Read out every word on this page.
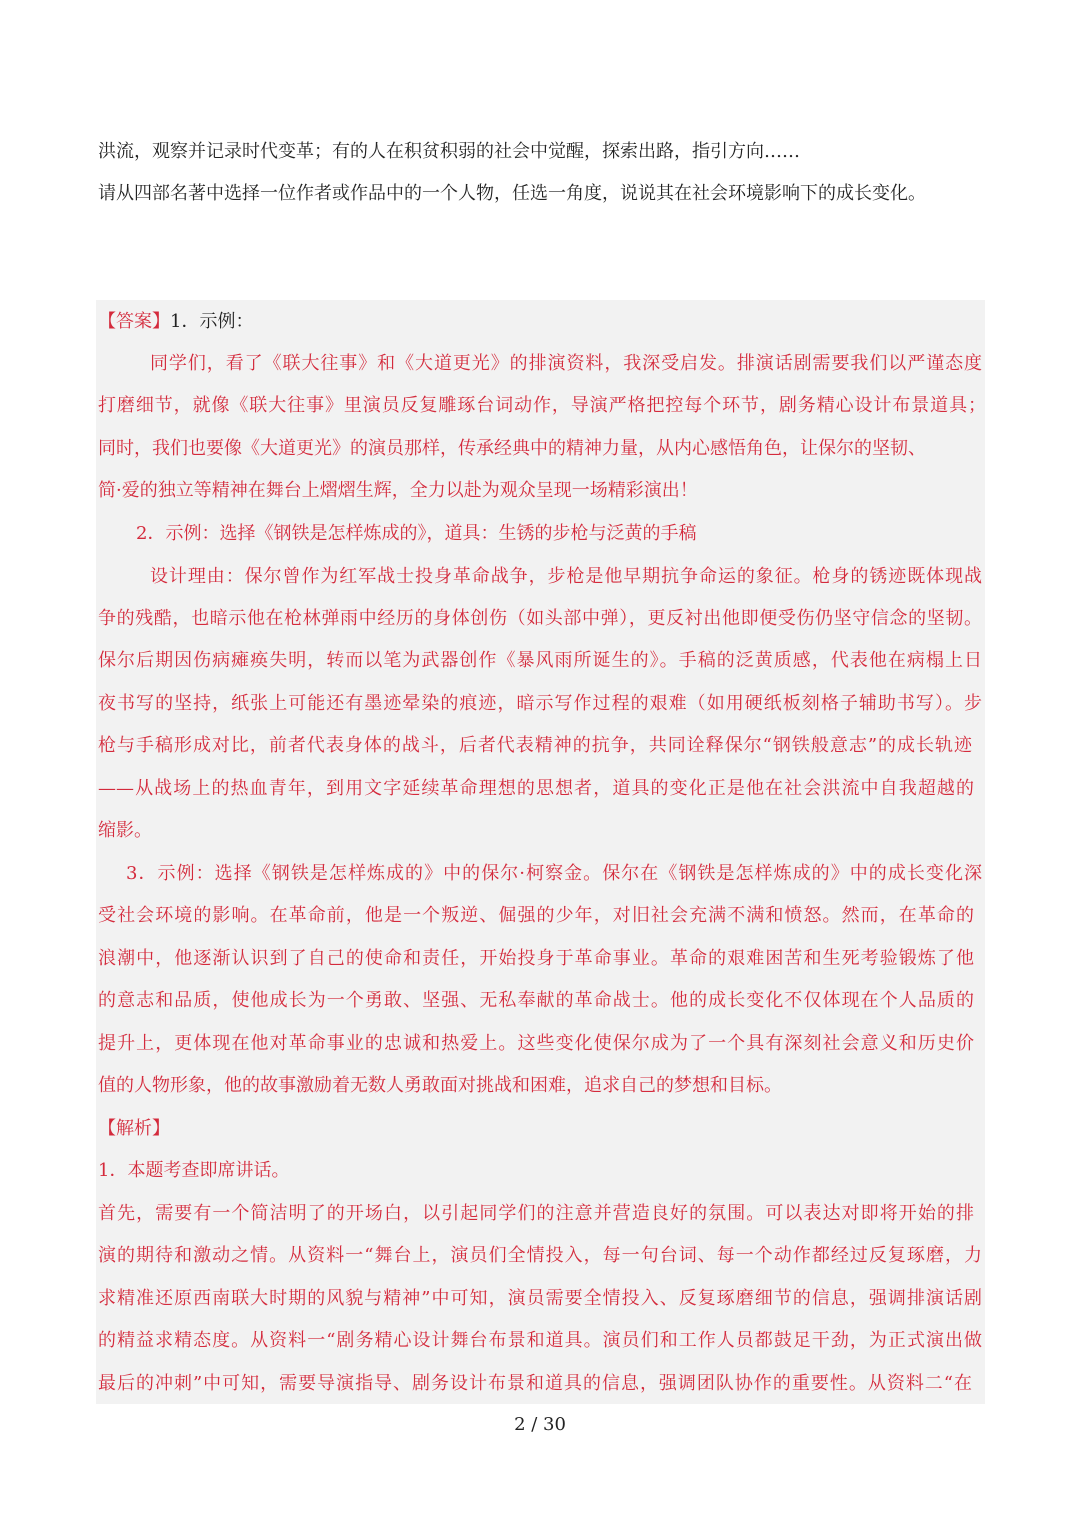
洪流，观察并记录时代变革；有的人在积贫积弱的社会中觉醒，探索出路，指引方向……
请从四部名著中选择一位作者或作品中的一个人物，任选一角度，说说其在社会环境影响下的成长变化。
【答案】1．示例：
同学们，看了《联大往事》和《大道更光》的排演资料，我深受启发。排演话剧需要我们以严谨态度
打磨细节，就像《联大往事》里演员反复雕琢台词动作，导演严格把控每个环节，剧务精心设计布景道具；
同时，我们也要像《大道更光》的演员那样，传承经典中的精神力量，从内心感悟角色，让保尔的坚韧、
简·爱的独立等精神在舞台上熠熠生辉，全力以赴为观众呈现一场精彩演出！
2．示例：选择《钢铁是怎样炼成的》，道具：生锈的步枪与泛黄的手稿
设计理由：保尔曾作为红军战士投身革命战争，步枪是他早期抗争命运的象征。枪身的锈迹既体现战
争的残酷，也暗示他在枪林弹雨中经历的身体创伤（如头部中弹），更反衬出他即便受伤仍坚守信念的坚韧。
保尔后期因伤病瘫痪失明，转而以笔为武器创作《暴风雨所诞生的》。手稿的泛黄质感，代表他在病榻上日
夜书写的坚持，纸张上可能还有墨迹晕染的痕迹，暗示写作过程的艰难（如用硬纸板刻格子辅助书写）。步
枪与手稿形成对比，前者代表身体的战斗，后者代表精神的抗争，共同诠释保尔“钢铁般意志”的成长轨迹
——从战场上的热血青年，到用文字延续革命理想的思想者，道具的变化正是他在社会洪流中自我超越的
缩影。
3．示例：选择《钢铁是怎样炼成的》中的保尔·柯察金。保尔在《钢铁是怎样炼成的》中的成长变化深
受社会环境的影响。在革命前，他是一个叛逆、倔强的少年，对旧社会充满不满和愤怒。然而，在革命的
浪潮中，他逐渐认识到了自己的使命和责任，开始投身于革命事业。革命的艰难困苦和生死考验锻炼了他
的意志和品质，使他成长为一个勇敢、坚强、无私奉献的革命战士。他的成长变化不仅体现在个人品质的
提升上，更体现在他对革命事业的忠诚和热爱上。这些变化使保尔成为了一个具有深刻社会意义和历史价
值的人物形象，他的故事激励着无数人勇敢面对挑战和困难，追求自己的梦想和目标。
【解析】
1．本题考查即席讲话。
首先，需要有一个简洁明了的开场白，以引起同学们的注意并营造良好的氛围。可以表达对即将开始的排
演的期待和激动之情。从资料一“舞台上，演员们全情投入，每一句台词、每一个动作都经过反复琢磨，力
求精准还原西南联大时期的风貌与精神”中可知，演员需要全情投入、反复琢磨细节的信息，强调排演话剧
的精益求精态度。从资料一“剧务精心设计舞台布景和道具。演员们和工作人员都鼓足干劲，为正式演出做
最后的冲刺”中可知，需要导演指导、剧务设计布景和道具的信息，强调团队协作的重要性。从资料二“在
2 / 30
